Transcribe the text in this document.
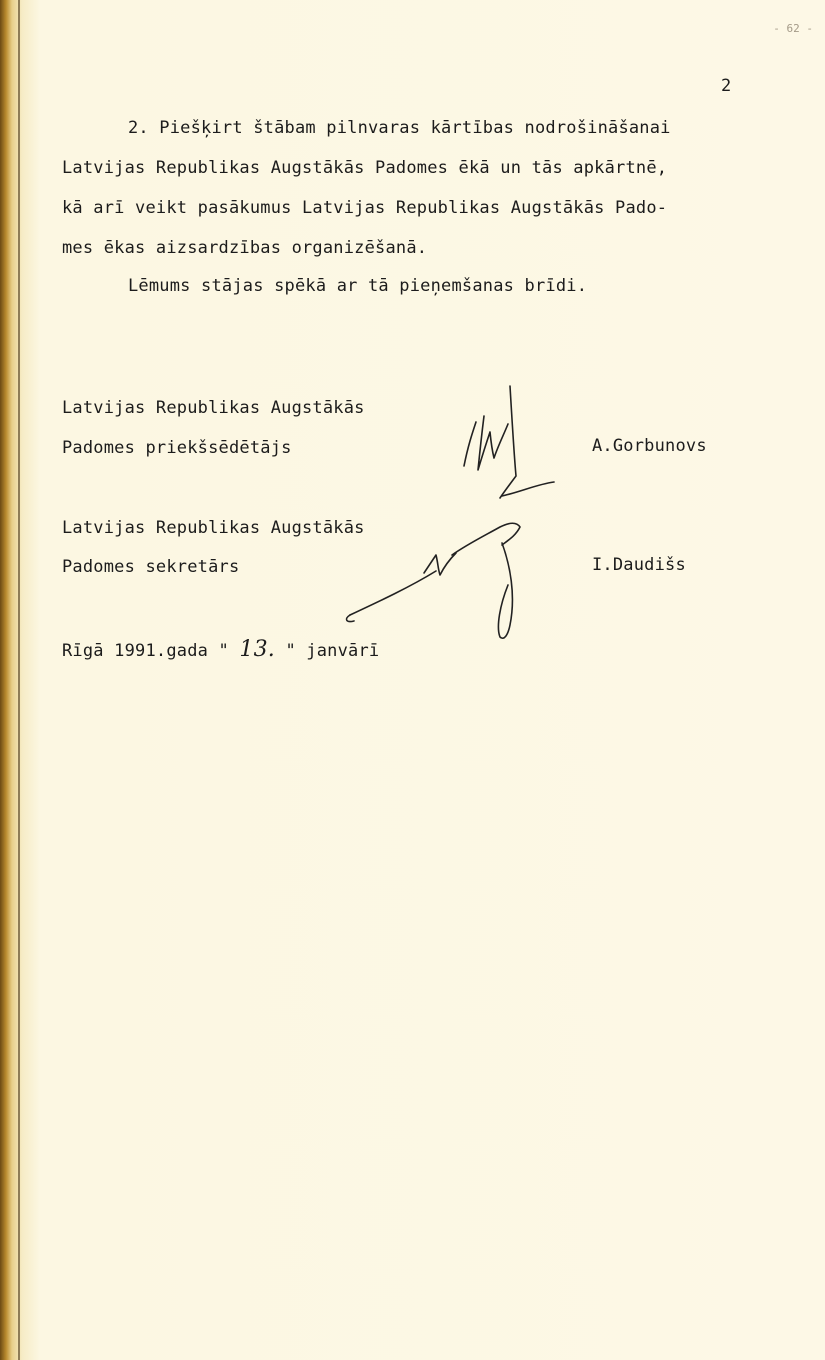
- 62 -
2
2. Piešķirt štābam pilnvaras kārtības nodrošināšanai
Latvijas Republikas Augstākās Padomes ēkā un tās apkārtnē,
kā arī veikt pasākumus Latvijas Republikas Augstākās Pado-
mes ēkas aizsardzības organizēšanā.
Lēmums stājas spēkā ar tā pieņemšanas brīdi.
Latvijas Republikas Augstākās
Padomes priekšsēdētājs	A.Gorbunovs
Latvijas Republikas Augstākās
Padomes sekretārs	I.Daudišs
Rīgā 1991.gada " 13. " janvārī
